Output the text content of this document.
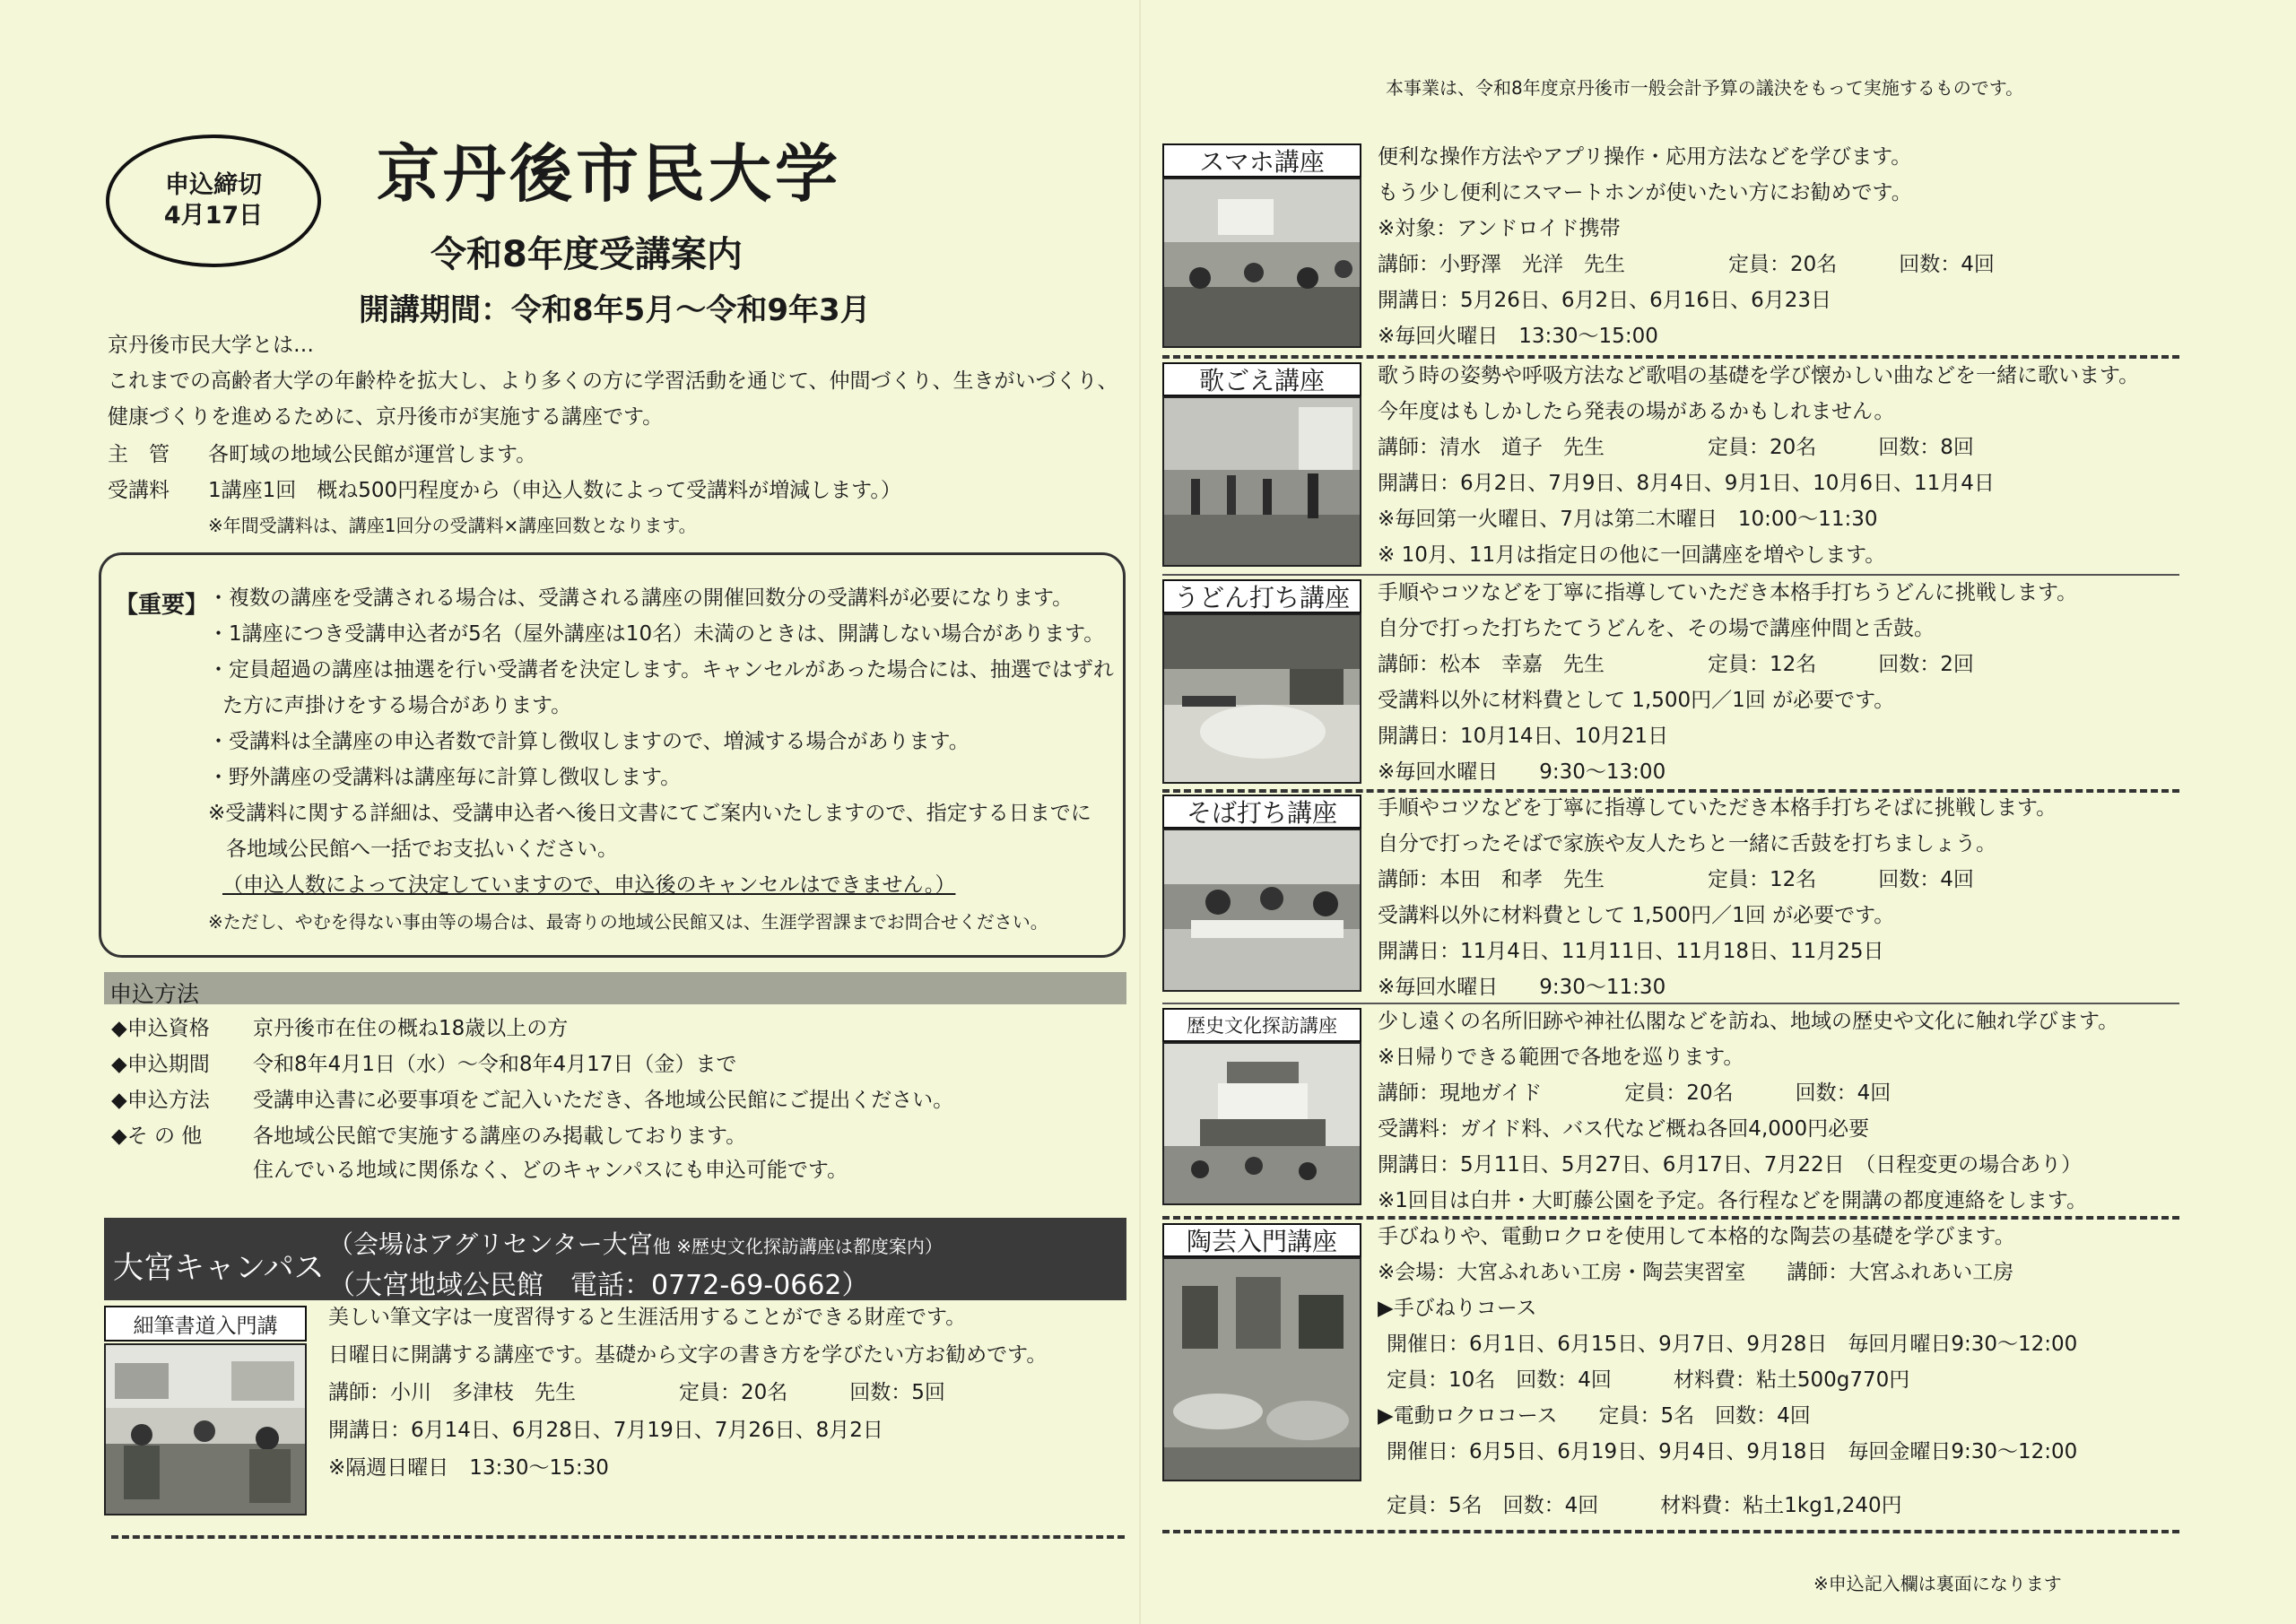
申込締切
4月17日
京丹後市民大学
令和8年度受講案内
開講期間：令和8年5月～令和9年3月
京丹後市民大学とは…
これまでの高齢者大学の年齢枠を拡大し、より多くの方に学習活動を通じて、仲間づくり、生きがいづくり、
健康づくりを進めるために、京丹後市が実施する講座です。
主　管 各町域の地域公民館が運営します。
受講料 1講座1回　概ね500円程度から（申込人数によって受講料が増減します。）
※年間受講料は、講座1回分の受講料×講座回数となります。
【重要】 ・複数の講座を受講される場合は、受講される講座の開催回数分の受講料が必要になります。
・1講座につき受講申込者が5名（屋外講座は10名）未満のときは、開講しない場合があります。
・定員超過の講座は抽選を行い受講者を決定します。キャンセルがあった場合には、抽選ではずれ
た方に声掛けをする場合があります。
・受講料は全講座の申込者数で計算し徴収しますので、増減する場合があります。
・野外講座の受講料は講座毎に計算し徴収します。
※受講料に関する詳細は、受講申込者へ後日文書にてご案内いたしますので、指定する日までに
各地域公民館へ一括でお支払いください。
（申込人数によって決定していますので、申込後のキャンセルはできません。）
※ただし、やむを得ない事由等の場合は、最寄りの地域公民館又は、生涯学習課までお問合せください。
申込方法
◆申込資格 京丹後市在住の概ね18歳以上の方
◆申込期間 令和8年4月1日（水）～令和8年4月17日（金）まで
◆申込方法 受講申込書に必要事項をご記入いただき、各地域公民館にご提出ください。
◆そ の 他 各地域公民館で実施する講座のみ掲載しております。
住んでいる地域に関係なく、どのキャンパスにも申込可能です。
大宮キャンパス
（会場はアグリセンター大宮他 ※歴史文化探訪講座は都度案内）
（大宮地域公民館　電話：0772-69-0662）
細筆書道入門講	美しい筆文字は一度習得すると生涯活用することができる財産です。
日曜日に開講する講座です。基礎から文字の書き方を学びたい方お勧めです。
講師：小川　多津枝　先生　　　　　定員：20名　　　回数：5回
開講日：6月14日、6月28日、7月19日、7月26日、8月2日
※隔週日曜日　13:30～15:30
本事業は、令和8年度京丹後市一般会計予算の議決をもって実施するものです。
スマホ講座	便利な操作方法やアプリ操作・応用方法などを学びます。
もう少し便利にスマートホンが使いたい方にお勧めです。
※対象：アンドロイド携帯
講師：小野澤　光洋　先生　　　　　定員：20名　　　回数：4回
開講日：5月26日、6月2日、6月16日、6月23日
※毎回火曜日　13:30～15:00
歌ごえ講座	歌う時の姿勢や呼吸方法など歌唱の基礎を学び懐かしい曲などを一緒に歌います。
今年度はもしかしたら発表の場があるかもしれません。
講師：清水　道子　先生　　　　　定員：20名　　　回数：8回
開講日：6月2日、7月9日、8月4日、9月1日、10月6日、11月4日
※毎回第一火曜日、7月は第二木曜日　10:00～11:30
※ 10月、11月は指定日の他に一回講座を増やします。
うどん打ち講座	手順やコツなどを丁寧に指導していただき本格手打ちうどんに挑戦します。
自分で打った打ちたてうどんを、その場で講座仲間と舌鼓。
講師：松本　幸嘉　先生　　　　　定員：12名　　　回数：2回
受講料以外に材料費として 1,500円／1回 が必要です。
開講日：10月14日、10月21日
※毎回水曜日　　9:30～13:00
そば打ち講座	手順やコツなどを丁寧に指導していただき本格手打ちそばに挑戦します。
自分で打ったそばで家族や友人たちと一緒に舌鼓を打ちましょう。
講師：本田　和孝　先生　　　　　定員：12名　　　回数：4回
受講料以外に材料費として 1,500円／1回 が必要です。
開講日：11月4日、11月11日、11月18日、11月25日
※毎回水曜日　　9:30～11:30
歴史文化探訪講座	少し遠くの名所旧跡や神社仏閣などを訪ね、地域の歴史や文化に触れ学びます。
※日帰りできる範囲で各地を巡ります。
講師：現地ガイド　　　　定員：20名　　　回数：4回
受講料：ガイド料、バス代など概ね各回4,000円必要
開講日：5月11日、5月27日、6月17日、7月22日　（日程変更の場合あり）
※1回目は白井・大町藤公園を予定。各行程などを開講の都度連絡をします。
陶芸入門講座	手びねりや、電動ロクロを使用して本格的な陶芸の基礎を学びます。
※会場：大宮ふれあい工房・陶芸実習室　　講師：大宮ふれあい工房
▶手びねりコース
開催日：6月1日、6月15日、9月7日、9月28日　毎回月曜日9:30～12:00
定員：10名　回数：4回　　　材料費：粘土500g770円
▶電動ロクロコース　　定員：5名　回数：4回
開催日：6月5日、6月19日、9月4日、9月18日　毎回金曜日9:30～12:00
定員：5名　回数：4回　　　材料費：粘土1kg1,240円
※申込記入欄は裏面になります
